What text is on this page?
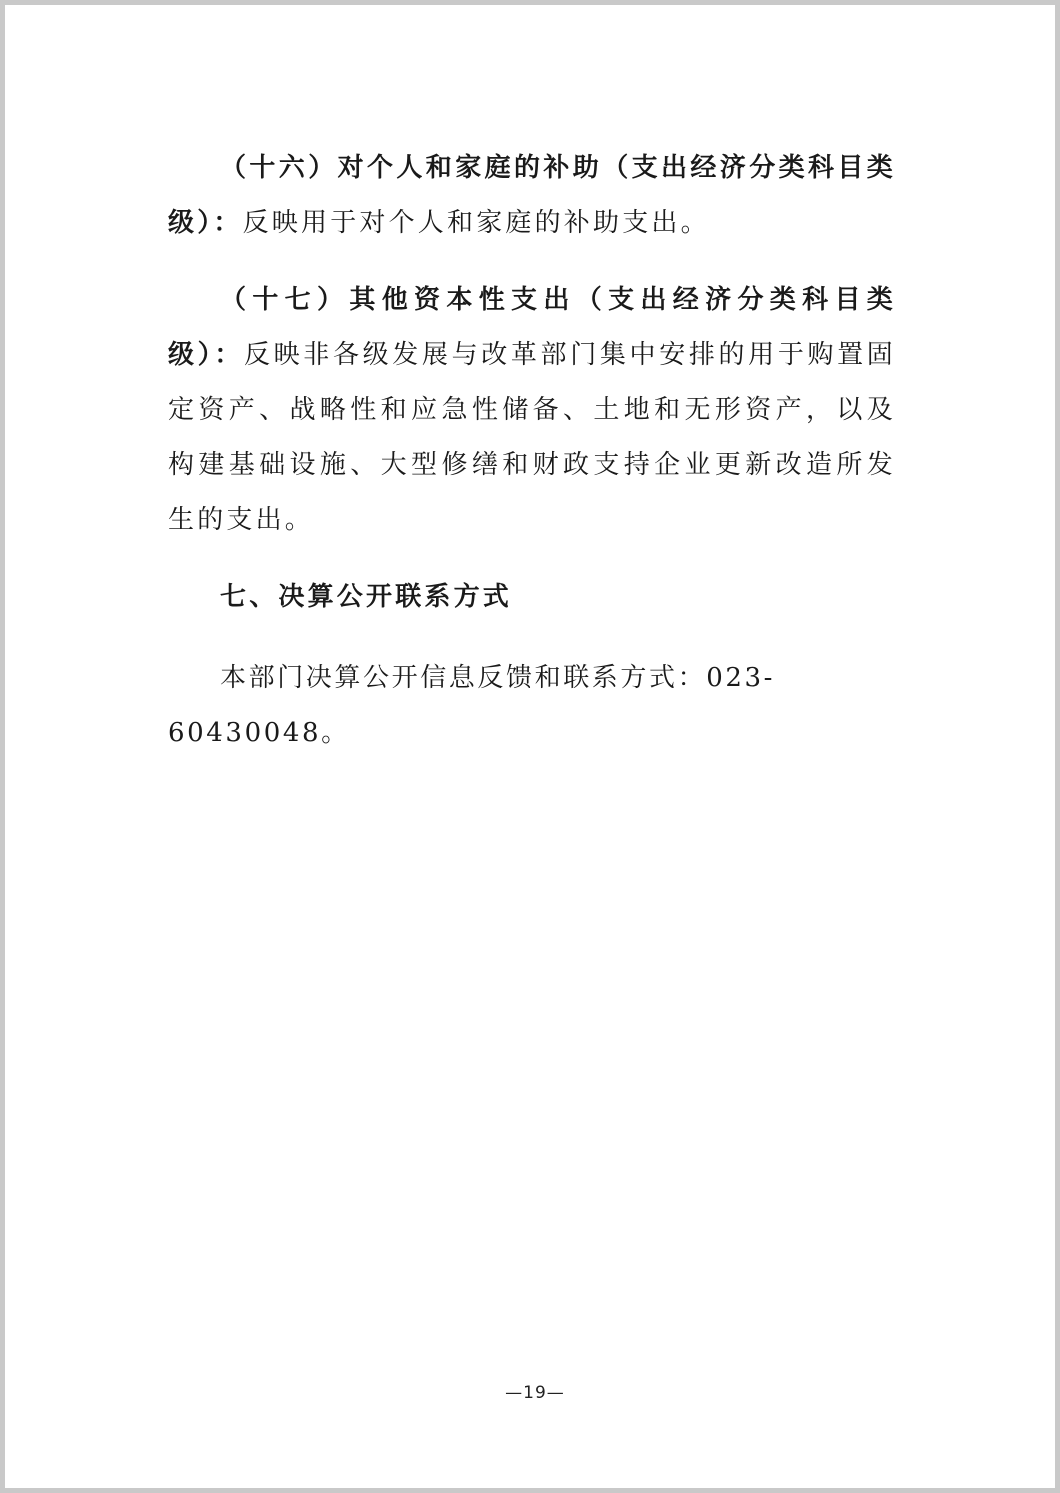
（十六）对个人和家庭的补助（支出经济分类科目类级）：反映用于对个人和家庭的补助支出。

（十七）其他资本性支出（支出经济分类科目类级）：反映非各级发展与改革部门集中安排的用于购置固定资产、战略性和应急性储备、土地和无形资产，以及构建基础设施、大型修缮和财政支持企业更新改造所发生的支出。

七、决算公开联系方式

本部门决算公开信息反馈和联系方式：023-60430048。

—19—
